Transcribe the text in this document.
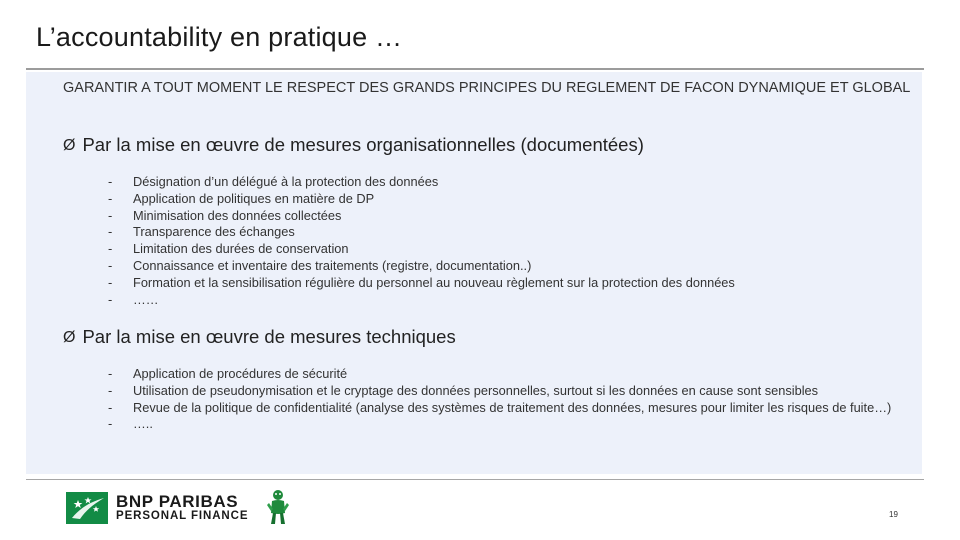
L’accountability en pratique …
GARANTIR A TOUT MOMENT LE RESPECT DES GRANDS PRINCIPES DU REGLEMENT DE FACON DYNAMIQUE ET GLOBAL
Ø Par la mise en œuvre de mesures organisationnelles (documentées)
-	Désignation d’un délégué à la protection des données
-	Application de politiques en matière de DP
-	Minimisation des données collectées
-	Transparence des échanges
-	Limitation des durées de conservation
-	Connaissance et inventaire des traitements (registre, documentation..)
-	Formation et la sensibilisation régulière du personnel au nouveau règlement sur la protection des données
-	……
Ø Par la mise en œuvre de mesures techniques
-	Application de procédures de sécurité
-	Utilisation de pseudonymisation et le cryptage des données personnelles, surtout si les données en cause sont sensibles
-	Revue de la politique de confidentialité (analyse des systèmes de traitement des données, mesures pour limiter les risques de fuite…)
-	…..
BNP PARIBAS
PERSONAL FINANCE	19
